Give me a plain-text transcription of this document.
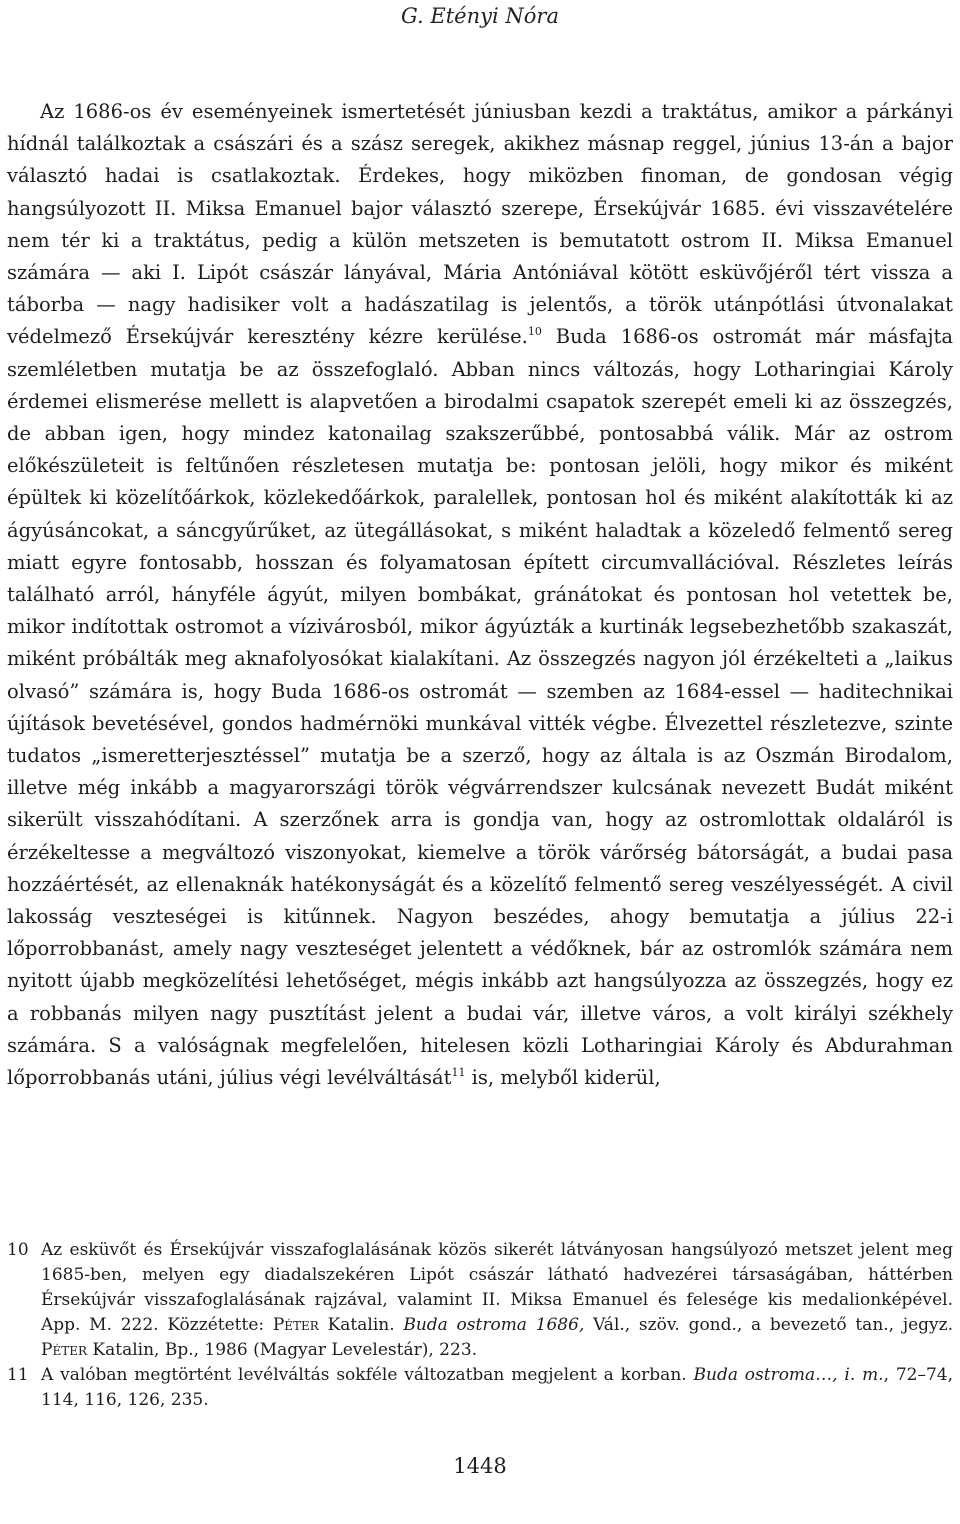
G. Etényi Nóra

Az 1686-os év eseményeinek ismertetését júniusban kezdi a traktátus, amikor a párkányi hídnál találkoztak a császári és a szász seregek, akikhez másnap reggel, június 13-án a bajor választó hadai is csatlakoztak. Érdekes, hogy miközben finoman, de gondosan végig hangsúlyozott II. Miksa Emanuel bajor választó szerepe, Érsekújvár 1685. évi visszavételére nem tér ki a traktátus, pedig a külön metszeten is bemutatott ostrom II. Miksa Emanuel számára — aki I. Lipót császár lányával, Mária Antóniával kötött esküvőjéről tért vissza a táborba — nagy hadisiker volt a hadászatilag is jelentős, a török utánpótlási útvonalakat védelmező Érsekújvár keresztény kézre kerülése.$^{10}$ Buda 1686-os ostromát már másfajta szemléletben mutatja be az összefoglaló. Abban nincs változás, hogy Lotharingiai Károly érdemei elismerése mellett is alapvetően a birodalmi csapatok szerepét emeli ki az összegzés, de abban igen, hogy mindez katonailag szakszerűbbé, pontosabbá válik. Már az ostrom előkészületeit is feltűnően részletesen mutatja be: pontosan jelöli, hogy mikor és miként épültek ki közelítőárkok, közlekedőárkok, paralellek, pontosan hol és miként alakították ki az ágyúsáncokat, a sáncgyűrűket, az ütegállásokat, s miként haladtak a közeledő felmentő sereg miatt egyre fontosabb, hosszan és folyamatosan épített circumvallációval. Részletes leírás található arról, hányféle ágyút, milyen bombákat, gránátokat és pontosan hol vetettek be, mikor indítottak ostromot a vízivárosból, mikor ágyúzták a kurtinák legsebezhetőbb szakaszát, miként próbálták meg aknafolyosókat kialakítani. Az összegzés nagyon jól érzékelteti a „laikus olvasó” számára is, hogy Buda 1686-os ostromát — szemben az 1684-essel — haditechnikai újítások bevetésével, gondos hadmérnöki munkával vitték végbe. Élvezettel részletezve, szinte tudatos „ismeretterjesztéssel” mutatja be a szerző, hogy az általa is az Oszmán Birodalom, illetve még inkább a magyarországi török végvárrendszer kulcsának nevezett Budát miként sikerült visszahódítani. A szerzőnek arra is gondja van, hogy az ostromlottak oldaláról is érzékeltesse a megváltozó viszonyokat, kiemelve a török várőrség bátorságát, a budai pasa hozzáértését, az ellenaknák hatékonyságát és a közelítő felmentő sereg veszélyességét. A civil lakosság veszteségei is kitűnnek. Nagyon beszédes, ahogy bemutatja a július 22-i lőporrobbanást, amely nagy veszteséget jelentett a védőknek, bár az ostromlók számára nem nyitott újabb megközelítési lehetőséget, mégis inkább azt hangsúlyozza az összegzés, hogy ez a robbanás milyen nagy pusztítást jelent a budai vár, illetve város, a volt királyi székhely számára. S a valóságnak megfelelően, hitelesen közli Lotharingiai Károly és Abdurahman lőporrobbanás utáni, július végi levélváltását$^{11}$ is, melyből kiderül,

10 Az esküvőt és Érsekújvár visszafoglalásának közös sikerét látványosan hangsúlyozó metszet jelent meg 1685-ben, melyen egy diadalszekéren Lipót császár látható hadvezérei társaságában, háttérben Érsekújvár visszafoglalásának rajzával, valamint II. Miksa Emanuel és felesége kis medalionképével. App. M. 222. Közzétette: Péter Katalin. Buda ostroma 1686, Vál., szöv. gond., a bevezető tan., jegyz. Péter Katalin, Bp., 1986 (Magyar Levelestár), 223.

11 A valóban megtörtént levélváltás sokféle változatban megjelent a korban. Buda ostroma…, i. m., 72–74, 114, 116, 126, 235.

1448
